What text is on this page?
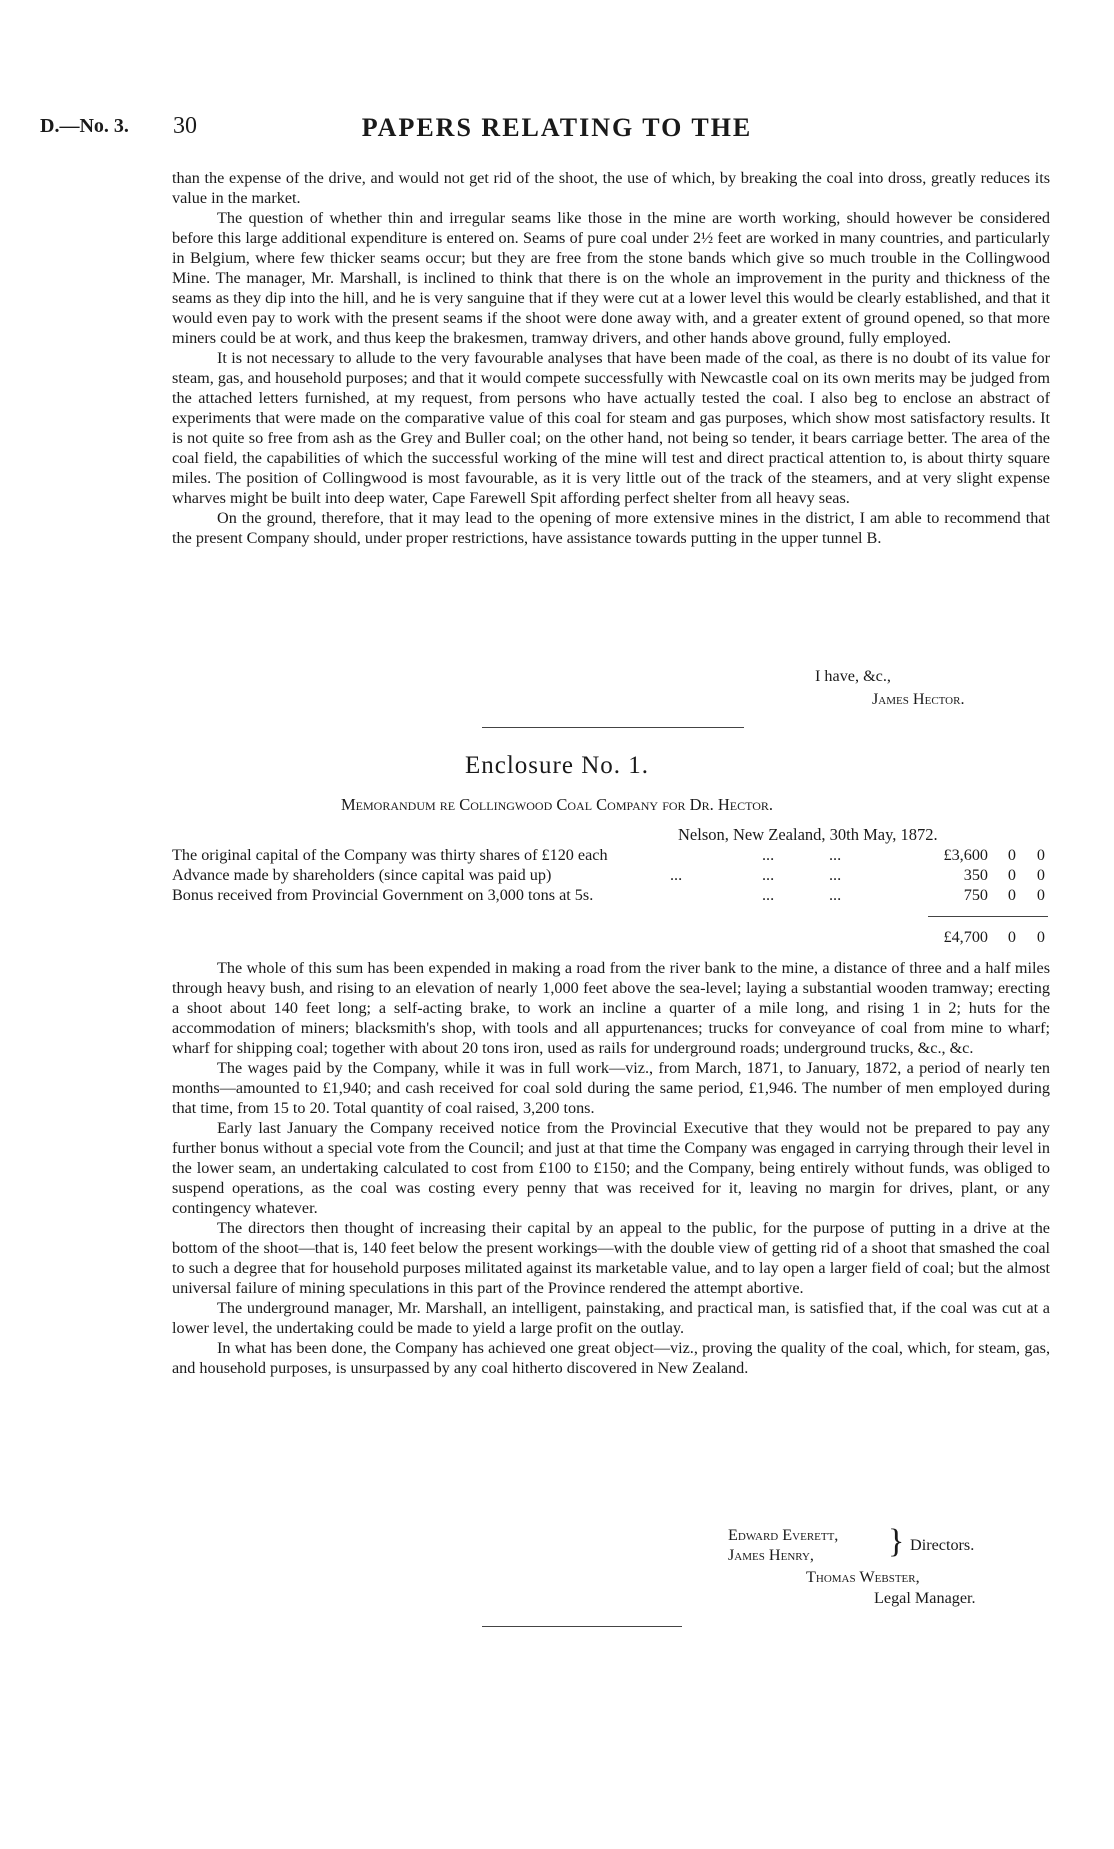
D.—No. 3. 30	PAPERS RELATING TO THE

than the expense of the drive, and would not get rid of the shoot, the use of which, by breaking the coal into dross, greatly reduces its value in the market.

The question of whether thin and irregular seams like those in the mine are worth working, should however be considered before this large additional expenditure is entered on. Seams of pure coal under 2½ feet are worked in many countries, and particularly in Belgium, where few thicker seams occur; but they are free from the stone bands which give so much trouble in the Collingwood Mine. The manager, Mr. Marshall, is inclined to think that there is on the whole an improvement in the purity and thickness of the seams as they dip into the hill, and he is very sanguine that if they were cut at a lower level this would be clearly established, and that it would even pay to work with the present seams if the shoot were done away with, and a greater extent of ground opened, so that more miners could be at work, and thus keep the brakesmen, tramway drivers, and other hands above ground, fully employed.

It is not necessary to allude to the very favourable analyses that have been made of the coal, as there is no doubt of its value for steam, gas, and household purposes; and that it would compete successfully with Newcastle coal on its own merits may be judged from the attached letters furnished, at my request, from persons who have actually tested the coal. I also beg to enclose an abstract of experiments that were made on the comparative value of this coal for steam and gas purposes, which show most satisfactory results. It is not quite so free from ash as the Grey and Buller coal; on the other hand, not being so tender, it bears carriage better. The area of the coal field, the capabilities of which the successful working of the mine will test and direct practical attention to, is about thirty square miles. The position of Collingwood is most favourable, as it is very little out of the track of the steamers, and at very slight expense wharves might be built into deep water, Cape Farewell Spit affording perfect shelter from all heavy seas.

On the ground, therefore, that it may lead to the opening of more extensive mines in the district, I am able to recommend that the present Company should, under proper restrictions, have assistance towards putting in the upper tunnel B.

I have, &c.,
James Hector.
Enclosure No. 1.
Memorandum re Collingwood Coal Company for Dr. Hector.
Nelson, New Zealand, 30th May, 1872.
The original capital of the Company was thirty shares of £120 each	...	...	£3,600 0 0
Advance made by shareholders (since capital was paid up)	...	...	...	350 0 0
Bonus received from Provincial Government on 3,000 tons at 5s.	...	...	750 0 0
£4,700 0 0

The whole of this sum has been expended in making a road from the river bank to the mine, a distance of three and a half miles through heavy bush, and rising to an elevation of nearly 1,000 feet above the sea-level; laying a substantial wooden tramway; erecting a shoot about 140 feet long; a self-acting brake, to work an incline a quarter of a mile long, and rising 1 in 2; huts for the accommodation of miners; blacksmith's shop, with tools and all appurtenances; trucks for conveyance of coal from mine to wharf; wharf for shipping coal; together with about 20 tons iron, used as rails for underground roads; underground trucks, &c., &c.

The wages paid by the Company, while it was in full work—viz., from March, 1871, to January, 1872, a period of nearly ten months—amounted to £1,940; and cash received for coal sold during the same period, £1,946. The number of men employed during that time, from 15 to 20. Total quantity of coal raised, 3,200 tons.

Early last January the Company received notice from the Provincial Executive that they would not be prepared to pay any further bonus without a special vote from the Council; and just at that time the Company was engaged in carrying through their level in the lower seam, an undertaking calculated to cost from £100 to £150; and the Company, being entirely without funds, was obliged to suspend operations, as the coal was costing every penny that was received for it, leaving no margin for drives, plant, or any contingency whatever.

The directors then thought of increasing their capital by an appeal to the public, for the purpose of putting in a drive at the bottom of the shoot—that is, 140 feet below the present workings—with the double view of getting rid of a shoot that smashed the coal to such a degree that for household purposes militated against its marketable value, and to lay open a larger field of coal; but the almost universal failure of mining speculations in this part of the Province rendered the attempt abortive.

The underground manager, Mr. Marshall, an intelligent, painstaking, and practical man, is satisfied that, if the coal was cut at a lower level, the undertaking could be made to yield a large profit on the outlay.

In what has been done, the Company has achieved one great object—viz., proving the quality of the coal, which, for steam, gas, and household purposes, is unsurpassed by any coal hitherto discovered in New Zealand.

Edward Everett,
James Henry, } Directors.
Thomas Webster,
Legal Manager.
